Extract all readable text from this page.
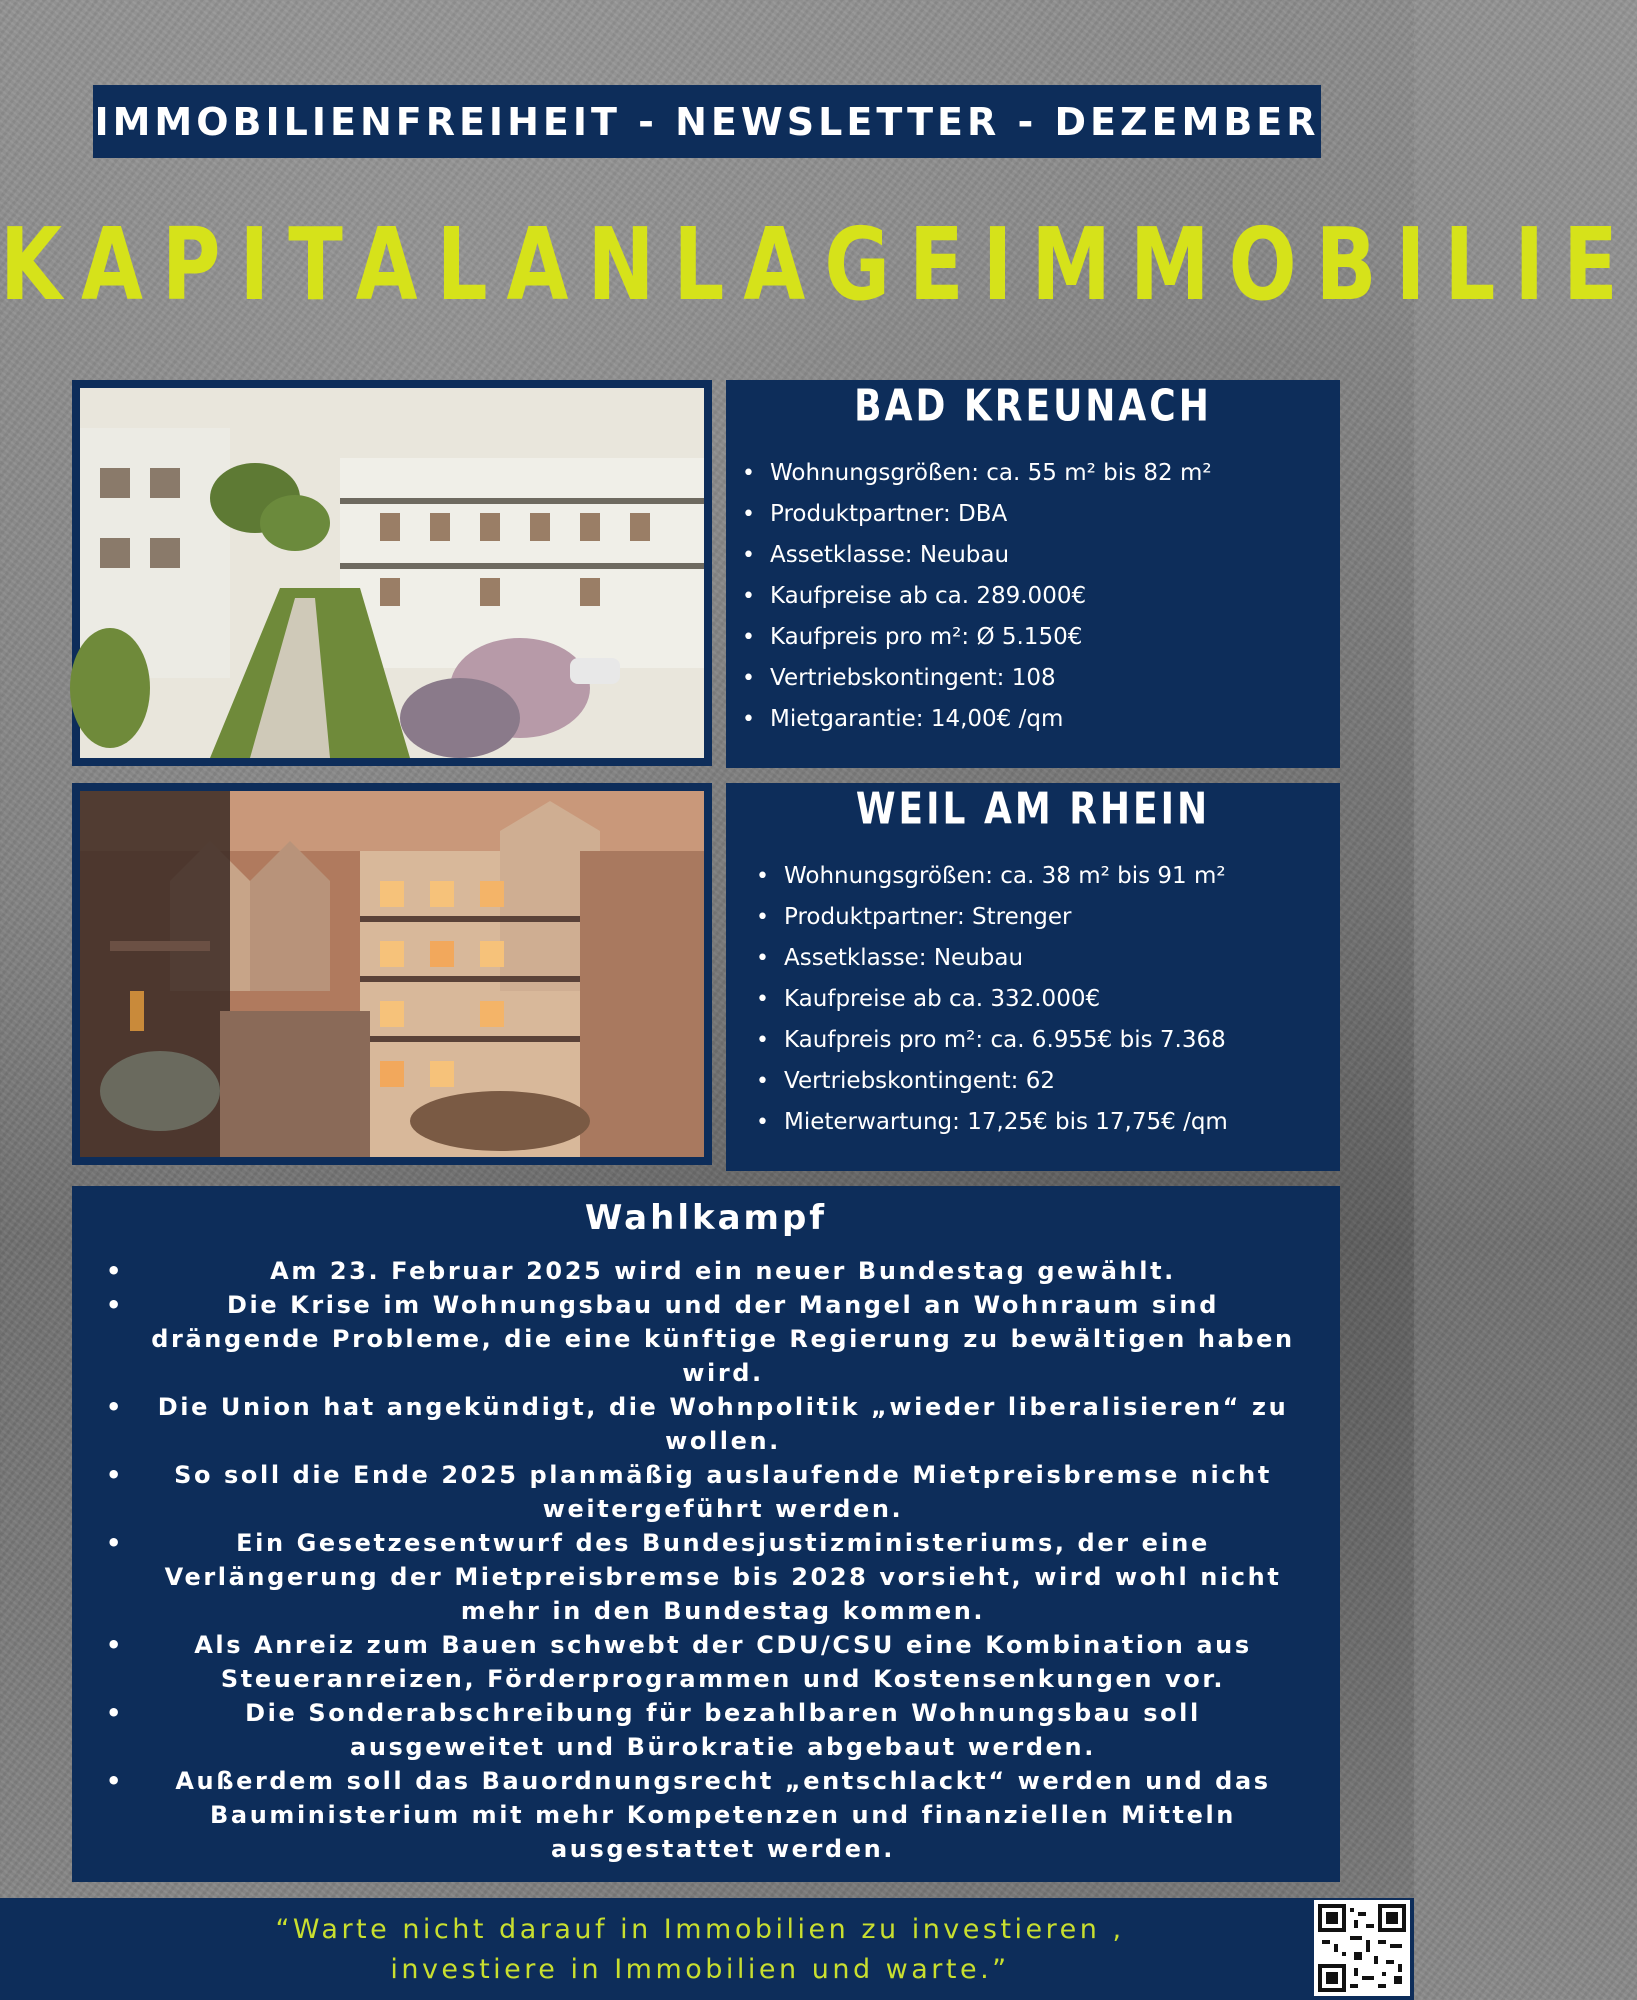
IMMOBILIENFREIHEIT - NEWSLETTER - DEZEMBER
KAPITALANLAGEIMMOBILIE
BAD KREUNACH
• Wohnungsgrößen: ca. 55 m² bis 82 m²
• Produktpartner: DBA
• Assetklasse: Neubau
• Kaufpreise ab ca. 289.000€
• Kaufpreis pro m²: Ø 5.150€
• Vertriebskontingent: 108
• Mietgarantie: 14,00€ /qm
WEIL AM RHEIN
• Wohnungsgrößen: ca. 38 m² bis 91 m²
• Produktpartner: Strenger
• Assetklasse: Neubau
• Kaufpreise ab ca. 332.000€
• Kaufpreis pro m²: ca. 6.955€ bis 7.368
• Vertriebskontingent: 62
• Mieterwartung: 17,25€ bis 17,75€ /qm
Wahlkampf
• Am 23. Februar 2025 wird ein neuer Bundestag gewählt.
• Die Krise im Wohnungsbau und der Mangel an Wohnraum sind drängende Probleme, die eine künftige Regierung zu bewältigen haben wird.
• Die Union hat angekündigt, die Wohnpolitik „wieder liberalisieren“ zu wollen.
• So soll die Ende 2025 planmäßig auslaufende Mietpreisbremse nicht weitergeführt werden.
• Ein Gesetzesentwurf des Bundesjustizministeriums, der eine Verlängerung der Mietpreisbremse bis 2028 vorsieht, wird wohl nicht mehr in den Bundestag kommen.
• Als Anreiz zum Bauen schwebt der CDU/CSU eine Kombination aus Steueranreizen, Förderprogrammen und Kostensenkungen vor.
• Die Sonderabschreibung für bezahlbaren Wohnungsbau soll ausgeweitet und Bürokratie abgebaut werden.
• Außerdem soll das Bauordnungsrecht „entschlackt“ werden und das Bauministerium mit mehr Kompetenzen und finanziellen Mitteln ausgestattet werden.
“Warte nicht darauf in Immobilien zu investieren ,
investiere in Immobilien und warte.”
